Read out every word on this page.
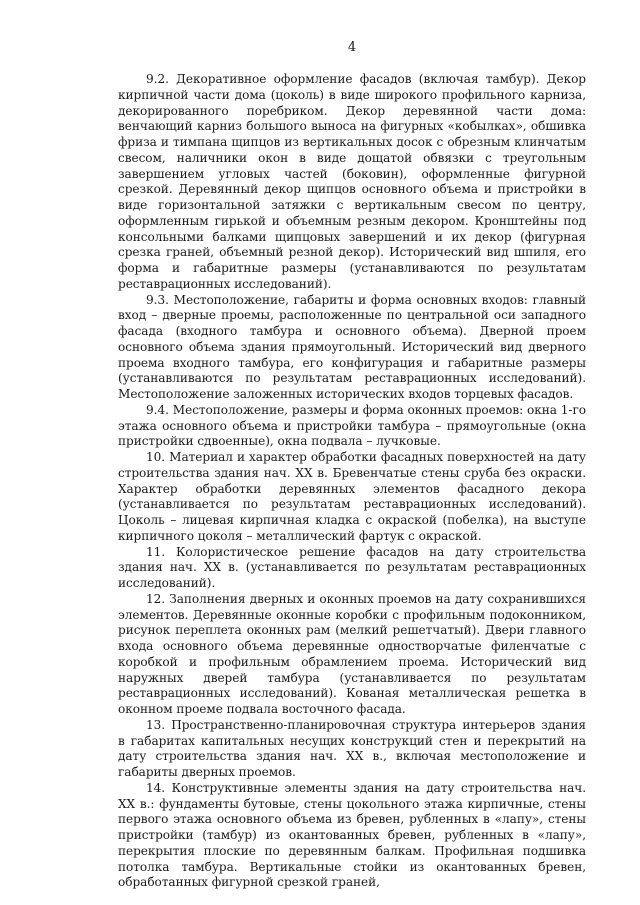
4

9.2. Декоративное оформление фасадов (включая тамбур). Декор кирпичной части дома (цоколь) в виде широкого профильного карниза, декорированного поребриком. Декор деревянной части дома: венчающий карниз большого выноса на фигурных «кобылках», обшивка фриза и тимпана щипцов из вертикальных досок с обрезным клинчатым свесом, наличники окон в виде дощатой обвязки с треугольным завершением угловых частей (боковин), оформленные фигурной срезкой. Деревянный декор щипцов основного объема и пристройки в виде горизонтальной затяжки с вертикальным свесом по центру, оформленным гирькой и объемным резным декором. Кронштейны под консольными балками щипцовых завершений и их декор (фигурная срезка граней, объемный резной декор). Исторический вид шпиля, его форма и габаритные размеры (устанавливаются по результатам реставрационных исследований).

9.3. Местоположение, габариты и форма основных входов: главный вход – дверные проемы, расположенные по центральной оси западного фасада (входного тамбура и основного объема). Дверной проем основного объема здания прямоугольный. Исторический вид дверного проема входного тамбура, его конфигурация и габаритные размеры (устанавливаются по результатам реставрационных исследований). Местоположение заложенных исторических входов торцевых фасадов.

9.4. Местоположение, размеры и форма оконных проемов: окна 1-го этажа основного объема и пристройки тамбура – прямоугольные (окна пристройки сдвоенные), окна подвала – лучковые.

10. Материал и характер обработки фасадных поверхностей на дату строительства здания нач. XX в. Бревенчатые стены сруба без окраски. Характер обработки деревянных элементов фасадного декора (устанавливается по результатам реставрационных исследований). Цоколь – лицевая кирпичная кладка с окраской (побелка), на выступе кирпичного цоколя – металлический фартук с окраской.

11. Колористическое решение фасадов на дату строительства здания нач. XX в. (устанавливается по результатам реставрационных исследований).

12. Заполнения дверных и оконных проемов на дату сохранившихся элементов. Деревянные оконные коробки с профильным подоконником, рисунок переплета оконных рам (мелкий решетчатый). Двери главного входа основного объема деревянные одностворчатые филенчатые с коробкой и профильным обрамлением проема. Исторический вид наружных дверей тамбура (устанавливается по результатам реставрационных исследований). Кованая металлическая решетка в оконном проеме подвала восточного фасада.

13. Пространственно-планировочная структура интерьеров здания в габаритах капитальных несущих конструкций стен и перекрытий на дату строительства здания нач. XX в., включая местоположение и габариты дверных проемов.

14. Конструктивные элементы здания на дату строительства нач. XX в.: фундаменты бутовые, стены цокольного этажа кирпичные, стены первого этажа основного объема из бревен, рубленных в «лапу», стены пристройки (тамбур) из окантованных бревен, рубленных в «лапу», перекрытия плоские по деревянным балкам. Профильная подшивка потолка тамбура. Вертикальные стойки из окантованных бревен, обработанных фигурной срезкой граней,
